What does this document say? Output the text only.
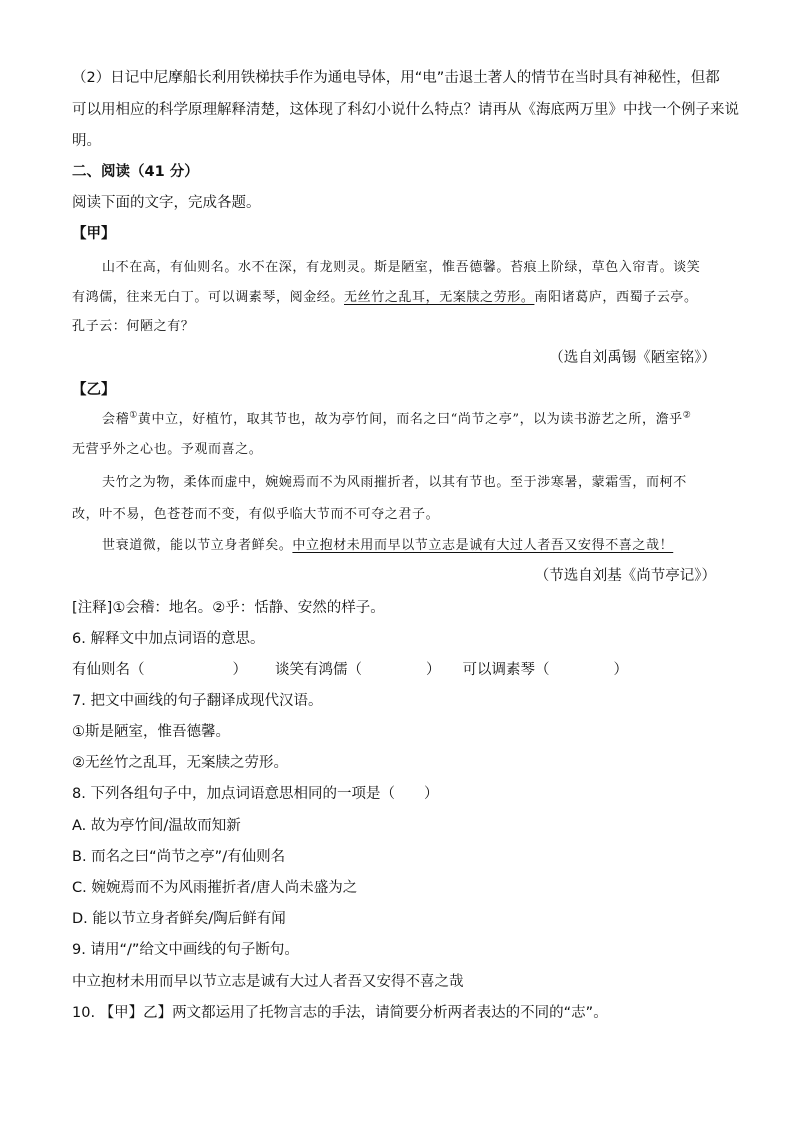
（2）日记中尼摩船长利用铁梯扶手作为通电导体，用“电”击退土著人的情节在当时具有神秘性，但都
可以用相应的科学原理解释清楚，这体现了科幻小说什么特点？请再从《海底两万里》中找一个例子来说
明。
二、阅读（41 分）
阅读下面的文字，完成各题。
【甲】
山不在高，有仙则名。水不在深，有龙则灵。斯是陋室，惟吾德馨。苔痕上阶绿，草色入帘青。谈笑
有鸿儒，往来无白丁。可以调素琴，阅金经。无丝竹之乱耳，无案牍之劳形。南阳诸葛庐，西蜀子云亭。
孔子云：何陋之有？
（选自刘禹锡《陋室铭》）
【乙】
会稽①黄中立，好植竹，取其节也，故为亭竹间，而名之曰“尚节之亭”，以为读书游艺之所，澹乎②
无营乎外之心也。予观而喜之。
夫竹之为物，柔体而虚中，婉婉焉而不为风雨摧折者，以其有节也。至于涉寒暑，蒙霜雪，而柯不
改，叶不易，色苍苍而不变，有似乎临大节而不可夺之君子。
世衰道微，能以节立身者鲜矣。中立抱材未用而早以节立志是诚有大过人者吾又安得不喜之哉！
（节选自刘基《尚节亭记》）
[注释]①会稽：地名。②乎：恬静、安然的样子。
6. 解释文中加点词语的意思。
有仙则名（	） 谈笑有鸿儒（	） 可以调素琴（	）
7. 把文中画线的句子翻译成现代汉语。
①斯是陋室，惟吾德馨。
②无丝竹之乱耳，无案牍之劳形。
8. 下列各组句子中，加点词语意思相同的一项是（　　）
A. 故为亭竹间/温故而知新
B. 而名之曰“尚节之亭”/有仙则名
C. 婉婉焉而不为风雨摧折者/唐人尚未盛为之
D. 能以节立身者鲜矣/陶后鲜有闻
9. 请用“/”给文中画线的句子断句。
中立抱材未用而早以节立志是诚有大过人者吾又安得不喜之哉
10. 【甲】乙】两文都运用了托物言志的手法，请简要分析两者表达的不同的“志”。
